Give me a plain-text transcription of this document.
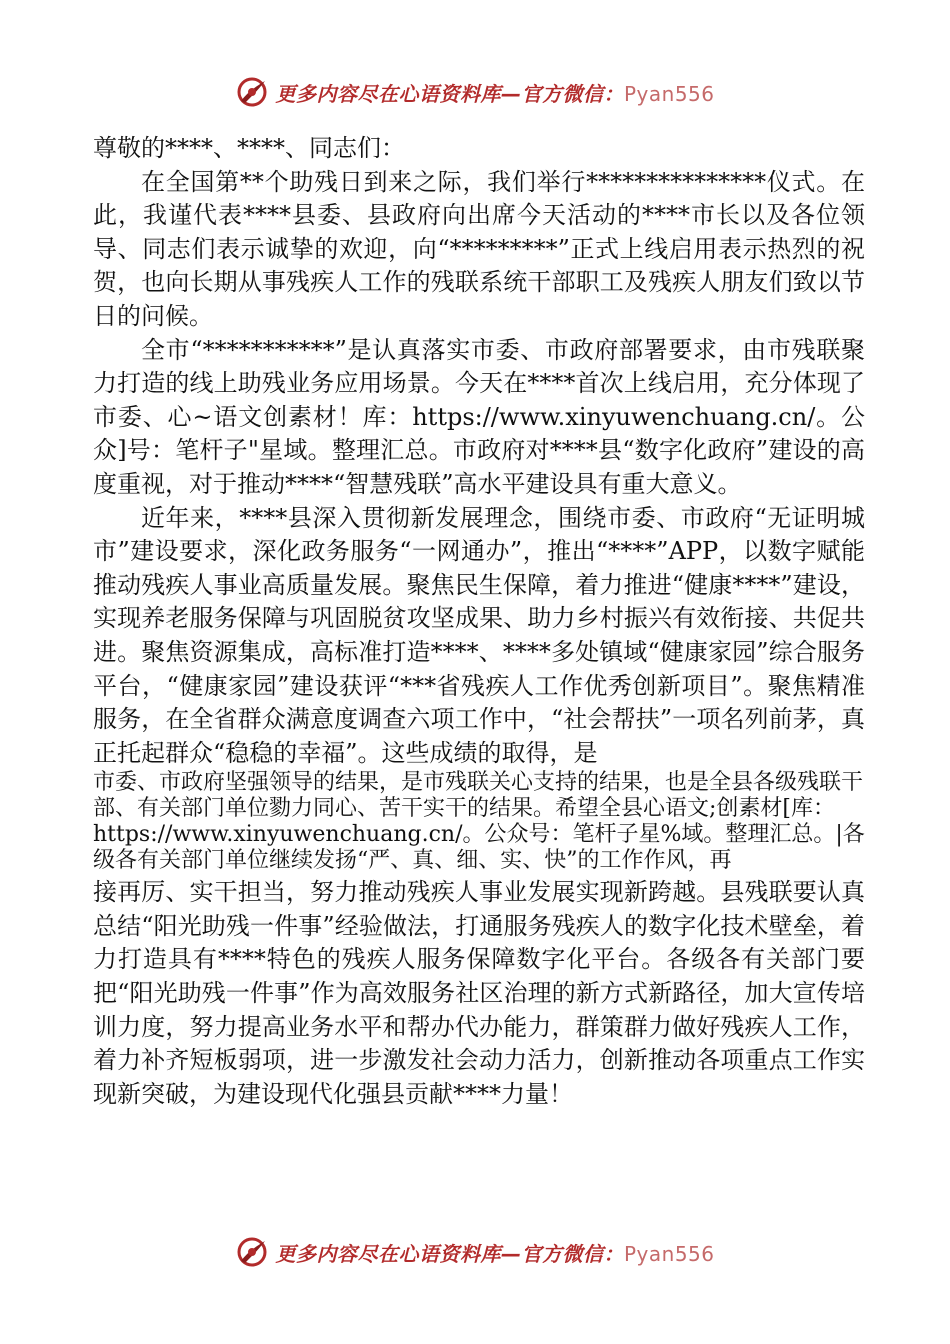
更多内容尽在心语资料库—官方微信：Pyan556

尊敬的****、****、同志们：

在全国第**个助残日到来之际，我们举行***************仪式。在此，我谨代表****县委、县政府向出席今天活动的****市长以及各位领导、同志们表示诚挚的欢迎，向“*********”正式上线启用表示热烈的祝贺，也向长期从事残疾人工作的残联系统干部职工及残疾人朋友们致以节日的问候。

全市“***********”是认真落实市委、市政府部署要求，由市残联聚力打造的线上助残业务应用场景。今天在****首次上线启用，充分体现了市委、心~语文创素材！库：https://www.xinyuwenchuang.cn/。公众]号：笔杆子"星域。整理汇总。市政府对****县“数字化政府”建设的高度重视，对于推动****“智慧残联”高水平建设具有重大意义。

近年来，****县深入贯彻新发展理念，围绕市委、市政府“无证明城市”建设要求，深化政务服务“一网通办”，推出“****”APP，以数字赋能推动残疾人事业高质量发展。聚焦民生保障，着力推进“健康****”建设，实现养老服务保障与巩固脱贫攻坚成果、助力乡村振兴有效衔接、共促共进。聚焦资源集成，高标准打造****、****多处镇域“健康家园”综合服务平台，“健康家园”建设获评“***省残疾人工作优秀创新项目”。聚焦精准服务，在全省群众满意度调查六项工作中，“社会帮扶”一项名列前茅，真正托起群众“稳稳的幸福”。这些成绩的取得，是

市委、市政府坚强领导的结果，是市残联关心支持的结果，也是全县各级残联干部、有关部门单位勠力同心、苦干实干的结果。希望全县心语文;创素材[库：https://www.xinyuwenchuang.cn/。公众号：笔杆子星%域。整理汇总。|各级各有关部门单位继续发扬“严、真、细、实、快”的工作作风，再

接再厉、实干担当，努力推动残疾人事业发展实现新跨越。县残联要认真总结“阳光助残一件事”经验做法，打通服务残疾人的数字化技术壁垒，着力打造具有****特色的残疾人服务保障数字化平台。各级各有关部门要把“阳光助残一件事”作为高效服务社区治理的新方式新路径，加大宣传培训力度，努力提高业务水平和帮办代办能力，群策群力做好残疾人工作，着力补齐短板弱项，进一步激发社会动力活力，创新推动各项重点工作实现新突破，为建设现代化强县贡献****力量！

更多内容尽在心语资料库—官方微信：Pyan556
